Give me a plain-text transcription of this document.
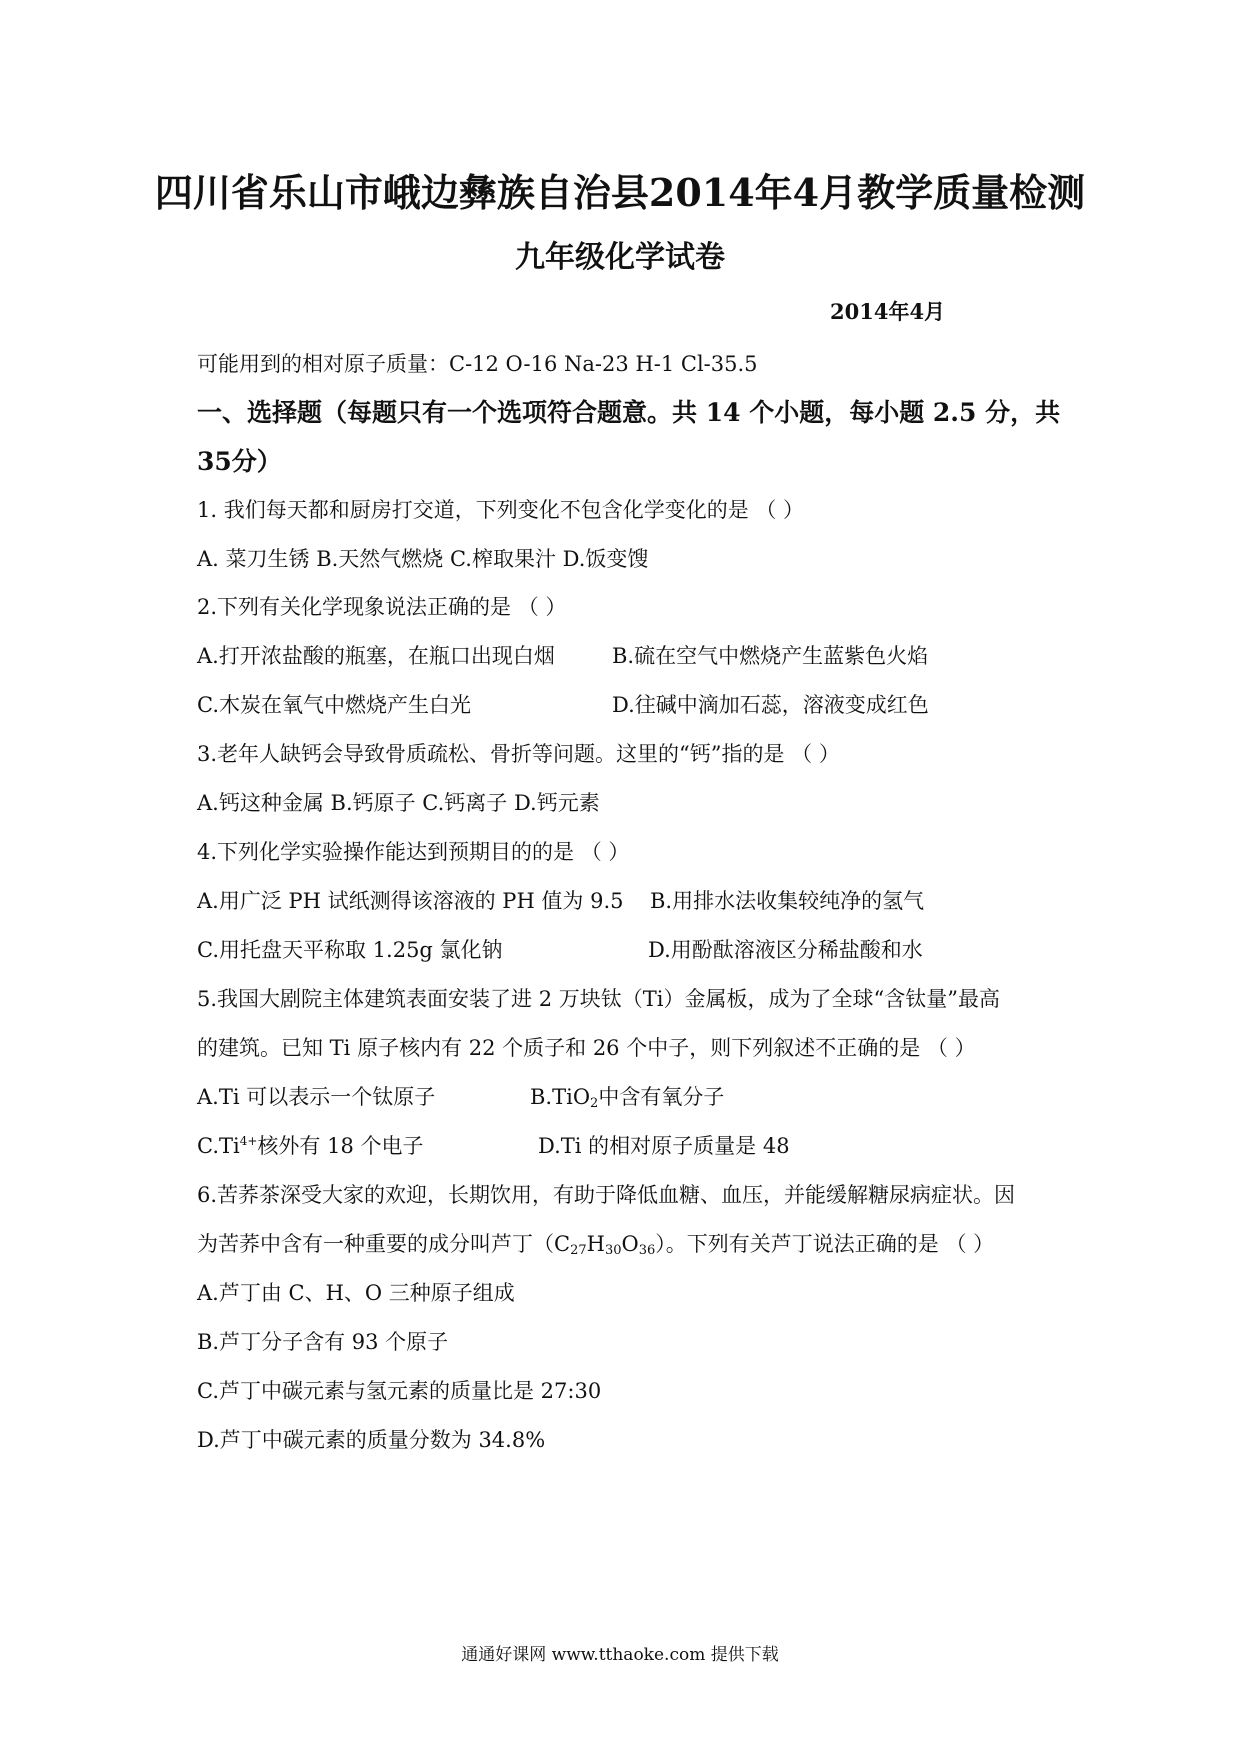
四川省乐山市峨边彝族自治县2014年4月教学质量检测
九年级化学试卷
2014年4月
可能用到的相对原子质量：C-12 O-16 Na-23 H-1 Cl-35.5
一、选择题（每题只有一个选项符合题意。共 14 个小题，每小题 2.5 分，共
35分）
1. 我们每天都和厨房打交道，下列变化不包含化学变化的是 （ ）
A. 菜刀生锈 B.天然气燃烧 C.榨取果汁 D.饭变馊
2.下列有关化学现象说法正确的是 （ ）
A.打开浓盐酸的瓶塞，在瓶口出现白烟	B.硫在空气中燃烧产生蓝紫色火焰
C.木炭在氧气中燃烧产生白光	D.往碱中滴加石蕊，溶液变成红色
3.老年人缺钙会导致骨质疏松、骨折等问题。这里的“钙”指的是 （ ）
A.钙这种金属 B.钙原子 C.钙离子 D.钙元素
4.下列化学实验操作能达到预期目的的是 （ ）
A.用广泛 PH 试纸测得该溶液的 PH 值为 9.5 B.用排水法收集较纯净的氢气
C.用托盘天平称取 1.25g 氯化钠	D.用酚酞溶液区分稀盐酸和水
5.我国大剧院主体建筑表面安装了进 2 万块钛（Ti）金属板，成为了全球“含钛量”最高
的建筑。已知 Ti 原子核内有 22 个质子和 26 个中子，则下列叙述不正确的是 （ ）
A.Ti 可以表示一个钛原子	B.TiO$_2$中含有氧分子
$C.Ti^{4+}$核外有 18 个电子	D.Ti 的相对原子质量是 48
6.苦荞茶深受大家的欢迎，长期饮用，有助于降低血糖、血压，并能缓解糖尿病症状。因
为苦荞中含有一种重要的成分叫芦丁$(C_{27}H_{30}O_{36})$。下列有关芦丁说法正确的是 （ ）
A.芦丁由 C、H、O 三种原子组成
B.芦丁分子含有 93 个原子
C.芦丁中碳元素与氢元素的质量比是 27:30
D.芦丁中碳元素的质量分数为 34.8%
通通好课网 www.tthaoke.com 提供下载
